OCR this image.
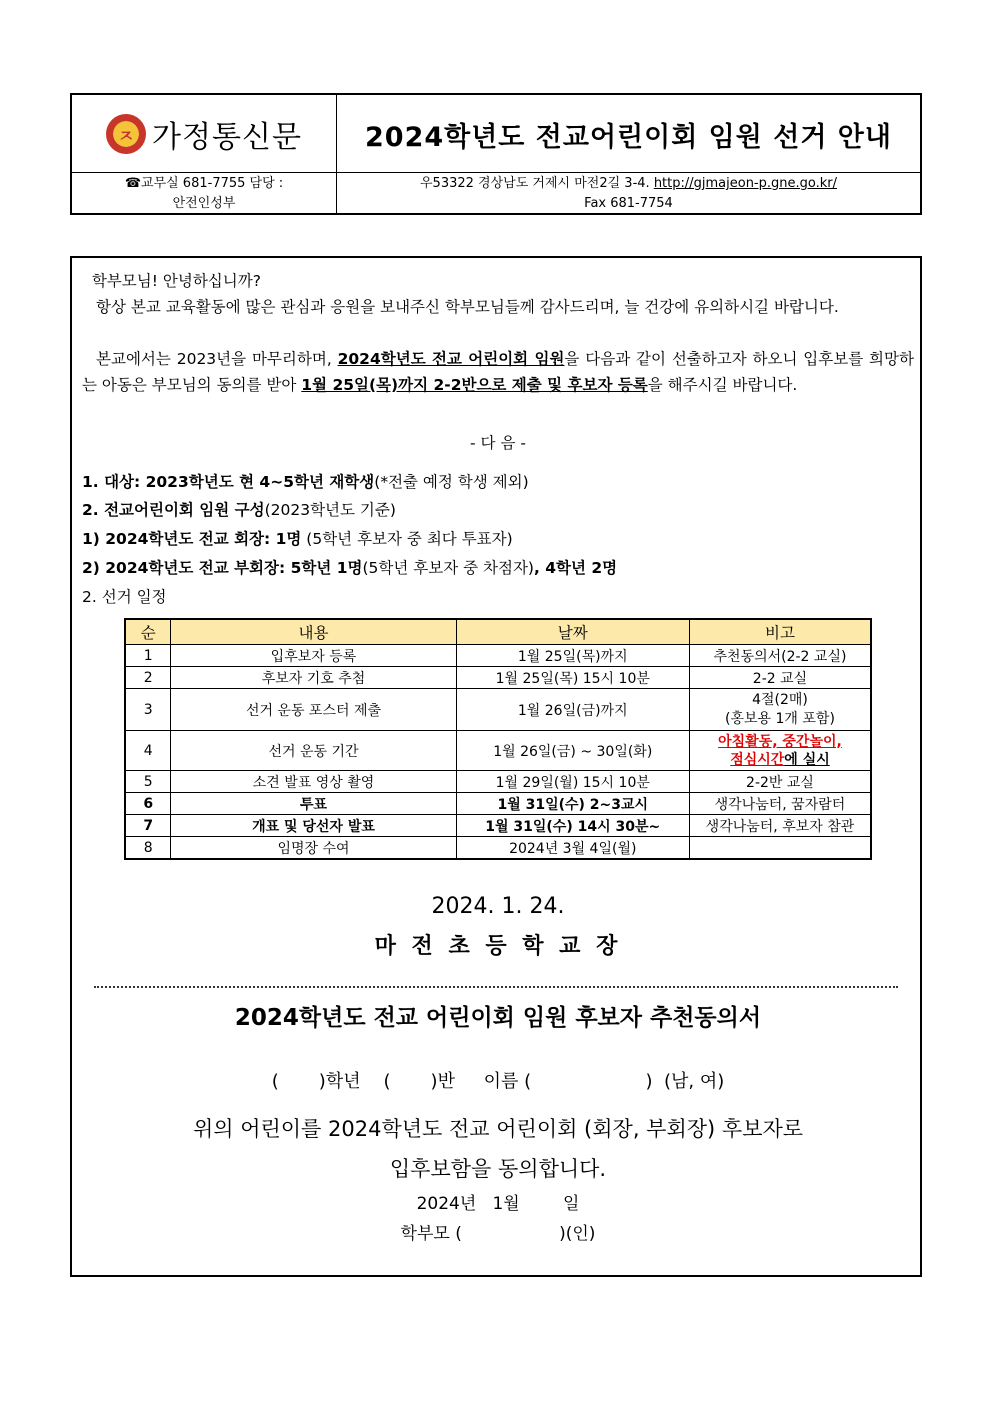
ㅈ 가정통신문	2024학년도 전교어린이회 임원 선거 안내
☎교무실 681-7755 담당 :
안전인성부
우53322 경상남도 거제시 마전2길 3-4. http://gjmajeon-p.gne.go.kr/
Fax 681-7754
학부모님! 안녕하십니까?
항상 본교 교육활동에 많은 관심과 응원을 보내주신 학부모님들께 감사드리며, 늘 건강에 유의하시길 바랍니다.
본교에서는 2023년을 마무리하며, 2024학년도 전교 어린이회 임원을 다음과 같이 선출하고자 하오니 입후보를 희망하는 아동은 부모님의 동의를 받아 1월 25일(목)까지 2-2반으로 제출 및 후보자 등록을 해주시길 바랍니다.
- 다 음 -
1. 대상: 2023학년도 현 4~5학년 재학생(*전출 예정 학생 제외)
2. 전교어린이회 임원 구성(2023학년도 기준)
1) 2024학년도 전교 회장: 1명 (5학년 후보자 중 최다 투표자)
2) 2024학년도 전교 부회장: 5학년 1명(5학년 후보자 중 차점자), 4학년 2명
2. 선거 일정
순	내용	날짜	비고
1	입후보자 등록	1월 25일(목)까지	추천동의서(2-2 교실)
2	후보자 기호 추첨	1월 25일(목) 15시 10분	2-2 교실
3	선거 운동 포스터 제출	1월 26일(금)까지	4절(2매)
(홍보용 1개 포함)

4	선거 운동 기간	1월 26일(금) ~ 30일(화)	아침활동, 중간놀이,
점심시간에 실시

5	소견 발표 영상 촬영	1월 29일(월) 15시 10분	2-2반 교실
6	투표	1월 31일(수) 2~3교시	생각나눔터, 꿈자람터
7	개표 및 당선자 발표	1월 31일(수) 14시 30분~	생각나눔터, 후보자 참관
8	임명장 수여	2024년 3월 4일(월)	
2024. 1. 24.
마 전 초 등 학 교 장
2024학년도 전교 어린이회 임원 후보자 추천동의서
(       )학년    (       )반     이름 (                    )  (남, 여)
위의 어린이를 2024학년도 전교 어린이회 (회장, 부회장) 후보자로
입후보함을 동의합니다.
2024년   1월        일
학부모 (                  )(인)
